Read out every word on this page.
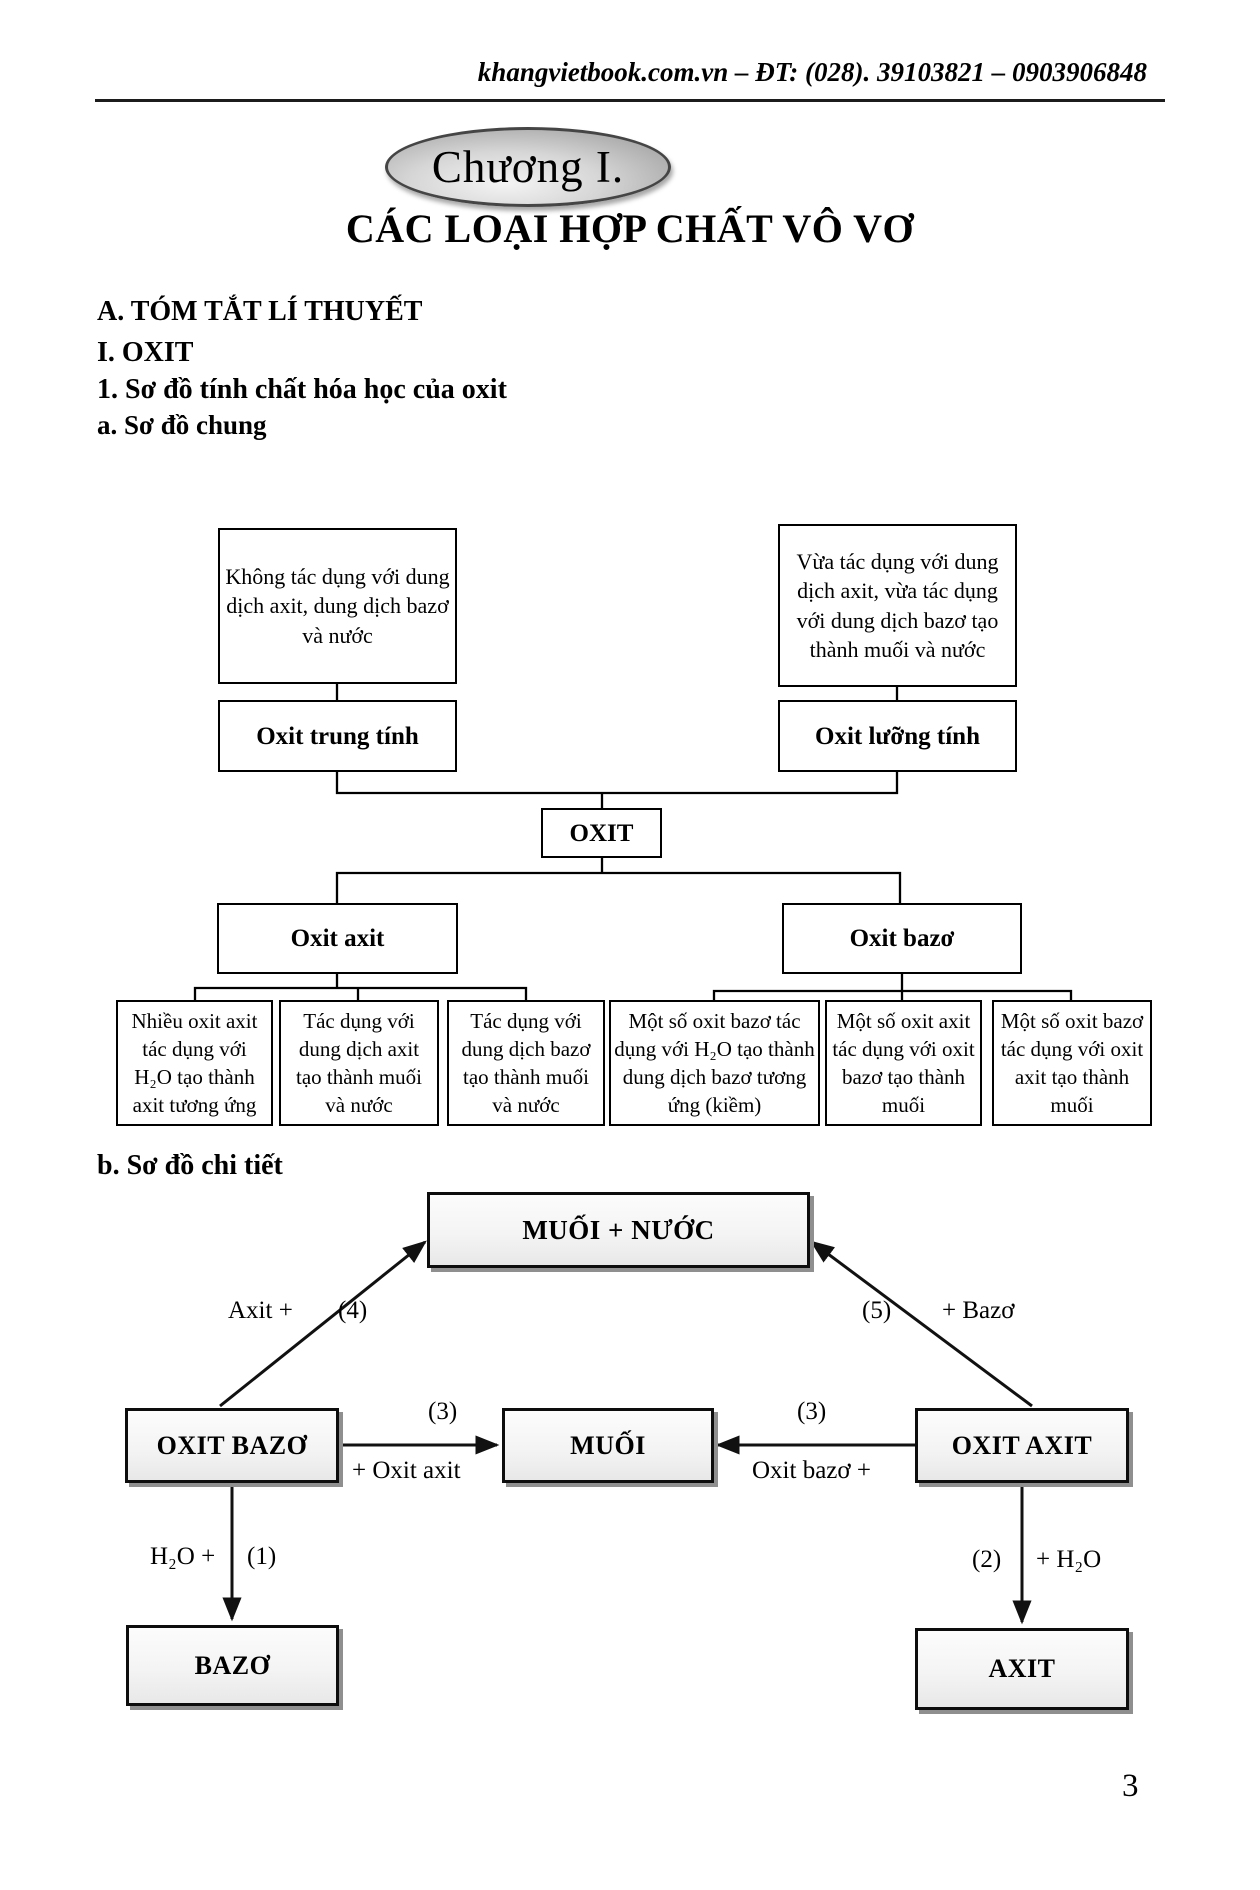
khangvietbook.com.vn – ĐT: (028). 39103821 – 0903906848
Chương I.
CÁC LOẠI HỢP CHẤT VÔ VƠ
A. TÓM TẮT LÍ THUYẾT
I. OXIT
1. Sơ đồ tính chất hóa học của oxit
a. Sơ đồ chung
b. Sơ đồ chi tiết
Không tác dụng với dung dịch axit, dung dịch bazơ và nước
Oxit trung tính
Vừa tác dụng với dung dịch axit, vừa tác dụng với dung dịch bazơ tạo thành muối và nước
Oxit lưỡng tính
OXIT
Oxit axit	Oxit bazơ
Nhiều oxit axit tác dụng với H₂O tạo thành axit tương ứng
Tác dụng với dung dịch axit tạo thành muối và nước
Tác dụng với dung dịch bazơ tạo thành muối và nước
Một số oxit bazơ tác dụng với H₂O tạo thành dung dịch bazơ tương ứng (kiềm)
Một số oxit axit tác dụng với oxit bazơ tạo thành muối
Một số oxit bazơ tác dụng với oxit axit tạo thành muối
MUỐI + NƯỚC
OXIT BAZƠ	MUỐI	OXIT AXIT
BAZƠ	AXIT
Axit + (4)	(5) + Bazơ
(3)
+ Oxit axit
(3)
Oxit bazơ +
H₂O + (1)	(2) + H₂O
3
